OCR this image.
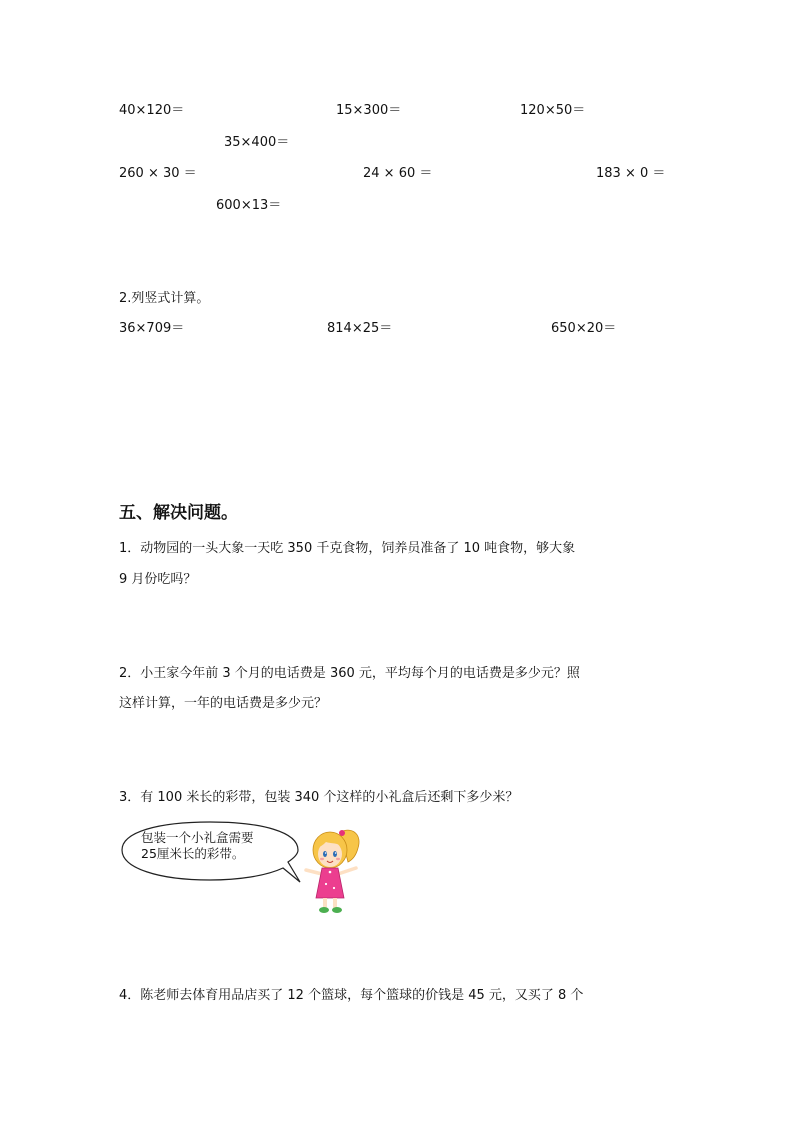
40×120＝	15×300＝	120×50＝
35×400＝
260 × 30 ＝	24 × 60 ＝	183 × 0 ＝
600×13＝
2.列竖式计算。
36×709＝	814×25＝	650×20＝
五、解决问题。
1．动物园的一头大象一天吃 350 千克食物，饲养员准备了 10 吨食物，够大象
9 月份吃吗？
2．小王家今年前 3 个月的电话费是 360 元，平均每个月的电话费是多少元？照
这样计算，一年的电话费是多少元？
3．有 100 米长的彩带，包装 340 个这样的小礼盒后还剩下多少米？
包装一个小礼盒需要
25厘米长的彩带。
4．陈老师去体育用品店买了 12 个篮球，每个篮球的价钱是 45 元，又买了 8 个
